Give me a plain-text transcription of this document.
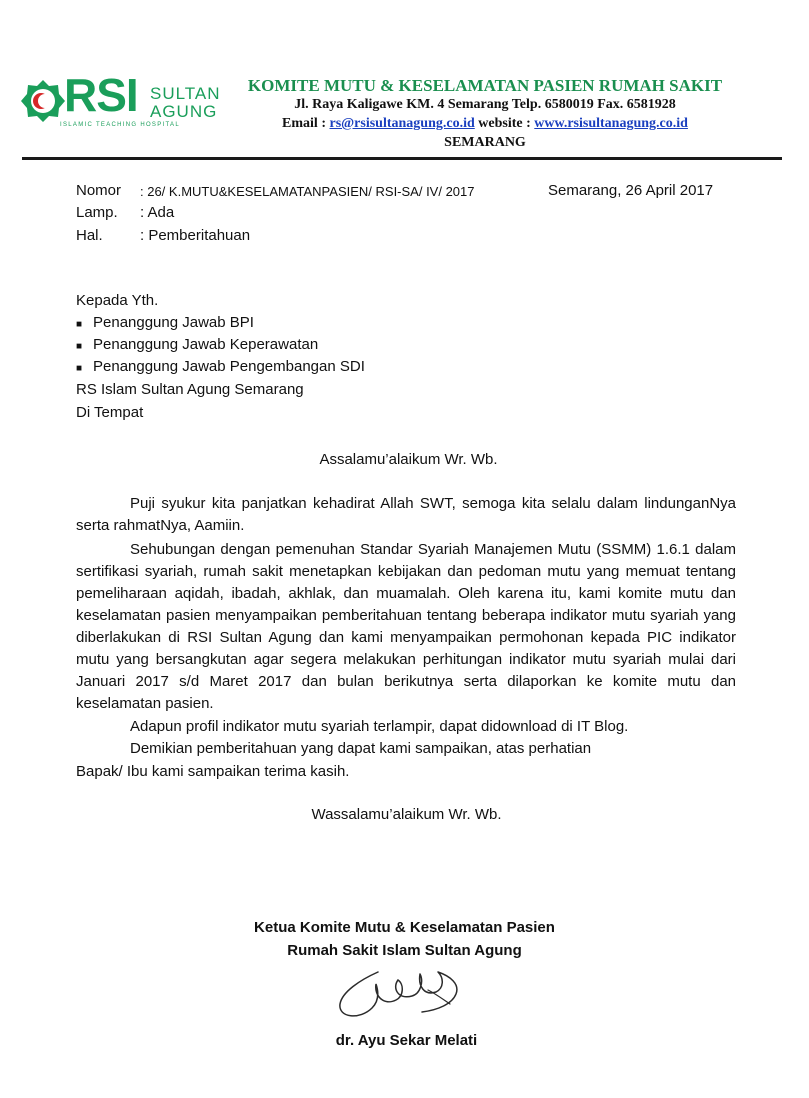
RSI SULTAN
AGUNG
ISLAMIC TEACHING HOSPITAL
KOMITE MUTU & KESELAMATAN PASIEN RUMAH SAKIT
Jl. Raya Kaligawe KM. 4 Semarang Telp. 6580019 Fax. 6581928
Email : rs@rsisultanagung.co.id website : www.rsisultanagung.co.id
SEMARANG
Nomor : 26/ K.MUTU&KESELAMATANPASIEN/ RSI-SA/ IV/ 2017	Semarang, 26 April 2017
Lamp. : Ada
Hal. : Pemberitahuan
Kepada Yth.
■ Penanggung Jawab BPI
■ Penanggung Jawab Keperawatan
■ Penanggung Jawab Pengembangan SDI
RS Islam Sultan Agung Semarang
Di Tempat
Assalamu’alaikum Wr. Wb.
Puji syukur kita panjatkan kehadirat Allah SWT, semoga kita selalu dalam lindunganNya serta rahmatNya, Aamiin.
Sehubungan dengan pemenuhan Standar Syariah Manajemen Mutu (SSMM) 1.6.1 dalam sertifikasi syariah, rumah sakit menetapkan kebijakan dan pedoman mutu yang memuat tentang pemeliharaan aqidah, ibadah, akhlak, dan muamalah. Oleh karena itu, kami komite mutu dan keselamatan pasien menyampaikan pemberitahuan tentang beberapa indikator mutu syariah yang diberlakukan di RSI Sultan Agung dan kami menyampaikan permohonan kepada PIC indikator mutu yang bersangkutan agar segera melakukan perhitungan indikator mutu syariah mulai dari Januari 2017 s/d Maret 2017 dan bulan berikutnya serta dilaporkan ke komite mutu dan keselamatan pasien.
Adapun profil indikator mutu syariah terlampir, dapat didownload di IT Blog.
Demikian pemberitahuan yang dapat kami sampaikan, atas perhatian
Bapak/ Ibu kami sampaikan terima kasih.
Wassalamu’alaikum Wr. Wb.
Ketua Komite Mutu & Keselamatan Pasien
Rumah Sakit Islam Sultan Agung
dr. Ayu Sekar Melati
